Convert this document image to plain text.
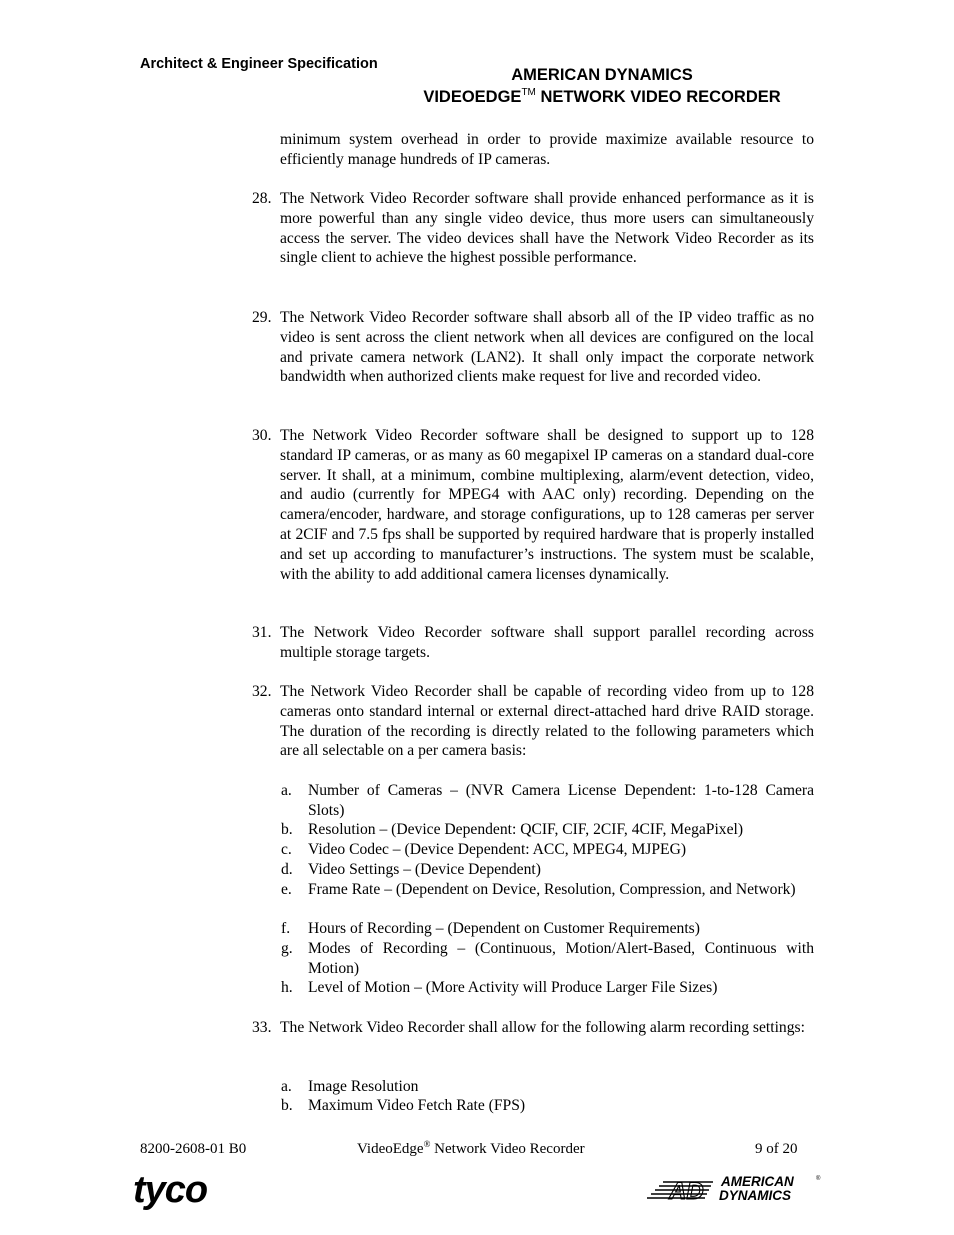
Architect & Engineer Specification
AMERICAN DYNAMICS
VIDEOEDGE™ NETWORK VIDEO RECORDER
minimum system overhead in order to provide maximize available resource to efficiently manage hundreds of IP cameras.
28. The Network Video Recorder software shall provide enhanced performance as it is more powerful than any single video device, thus more users can simultaneously access the server. The video devices shall have the Network Video Recorder as its single client to achieve the highest possible performance.
29. The Network Video Recorder software shall absorb all of the IP video traffic as no video is sent across the client network when all devices are configured on the local and private camera network (LAN2). It shall only impact the corporate network bandwidth when authorized clients make request for live and recorded video.
30. The Network Video Recorder software shall be designed to support up to 128 standard IP cameras, or as many as 60 megapixel IP cameras on a standard dual-core server. It shall, at a minimum, combine multiplexing, alarm/event detection, video, and audio (currently for MPEG4 with AAC only) recording. Depending on the camera/encoder, hardware, and storage configurations, up to 128 cameras per server at 2CIF and 7.5 fps shall be supported by required hardware that is properly installed and set up according to manufacturer’s instructions. The system must be scalable, with the ability to add additional camera licenses dynamically.
31. The Network Video Recorder software shall support parallel recording across multiple storage targets.
32. The Network Video Recorder shall be capable of recording video from up to 128 cameras onto standard internal or external direct-attached hard drive RAID storage. The duration of the recording is directly related to the following parameters which are all selectable on a per camera basis:
a. Number of Cameras – (NVR Camera License Dependent: 1-to-128 Camera Slots)
b. Resolution – (Device Dependent: QCIF, CIF, 2CIF, 4CIF, MegaPixel)
c. Video Codec – (Device Dependent: ACC, MPEG4, MJPEG)
d. Video Settings – (Device Dependent)
e. Frame Rate – (Dependent on Device, Resolution, Compression, and Network)
f. Hours of Recording – (Dependent on Customer Requirements)
g. Modes of Recording – (Continuous, Motion/Alert-Based, Continuous with Motion)
h. Level of Motion – (More Activity will Produce Larger File Sizes)
33. The Network Video Recorder shall allow for the following alarm recording settings:
a. Image Resolution
b. Maximum Video Fetch Rate (FPS)
8200-2608-01 B0	VideoEdge® Network Video Recorder	9 of 20
tyco	AD AMERICAN
DYNAMICS
®
